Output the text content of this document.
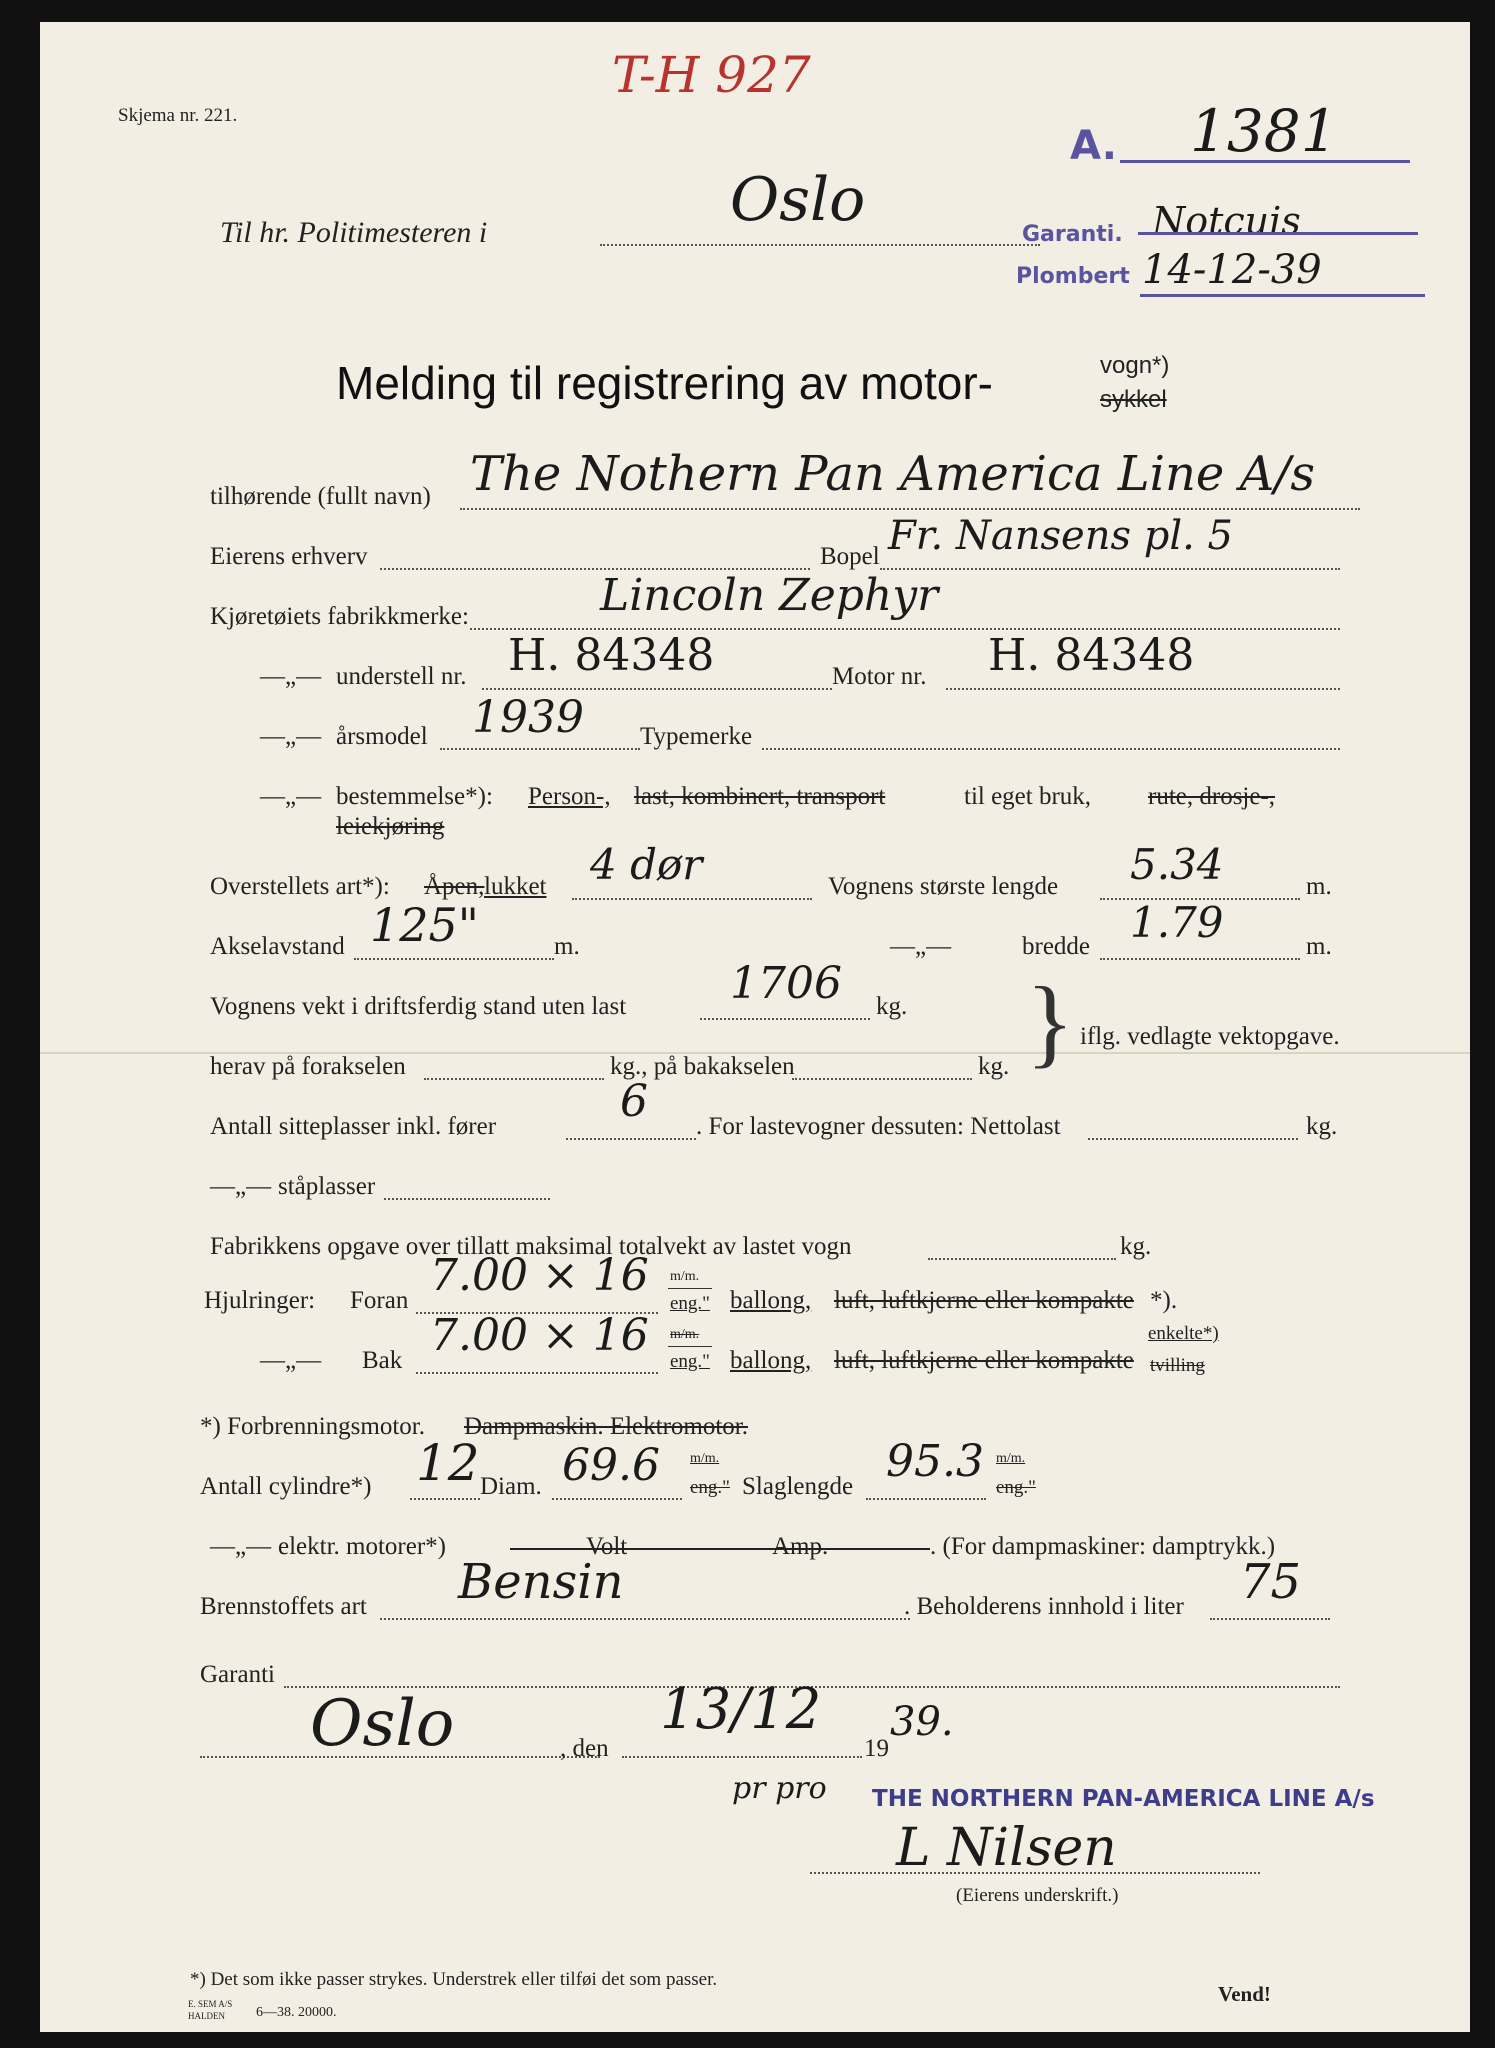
Skjema nr. 221.
T-H 927
A. 1381
Til hr. Politimesteren i	Oslo	Garanti. Notcuis
Plombert 14-12-39
Melding til registrering av motor-	vogn*)
sykkel
tilhørende (fullt navn) The Nothern Pan America Line A/s
Eierens erhverv	Bopel Fr. Nansens pl. 5
Kjøretøiets fabrikkmerke:	Lincoln Zephyr
—„— understell nr. H. 84348	Motor nr. H. 84348
—„— årsmodel 1939 Typemerke
—„— bestemmelse*): Person-, last, kombinert, transport	til eget bruk, rute, drosje-,
leiekjøring
Overstellets art*): Åpen, lukket 4 dør	Vognens største lengde 5.34	m.
Akselavstand 125"	m.	—„—	bredde 1.79	m.
Vognens vekt i driftsferdig stand uten last 1706 kg.
herav på forakselen	kg., på bakakselen	kg. } iflg. vedlagte vektopgave.
Antall sitteplasser inkl. fører	6 . For lastevogner dessuten: Nettolast	kg.
—„— ståplasser
Fabrikkens opgave over tillatt maksimal totalvekt av lastet vogn	kg.
Hjulringer: Foran 7.00 × 16 m/m.
eng." ballong, luft, luftkjerne eller kompakte *).
—„— Bak 7.00 × 16 m/m.
eng." ballong, luft, luftkjerne eller kompakte
enkelte*)
tvilling
*) Forbrenningsmotor. Dampmaskin. Elektromotor.
Antall cylindre*) 12 Diam. 69.6 m/m.
eng." Slaglengde 95.3 m/m.
eng."
—„— elektr. motorer*)	Volt	Amp.	. (For dampmaskiner: damptrykk.)
Brennstoffets art Bensin	. Beholderens innhold i liter 75
Garanti
Oslo	, den
13/12
19
39.
pr pro THE NORTHERN PAN-AMERICA LINE A/s
L Nilsen
(Eierens underskrift.)
*) Det som ikke passer strykes. Understrek eller tilføi det som passer.
E. SEM A/S
HALDEN 6—38. 20000.
Vend!
